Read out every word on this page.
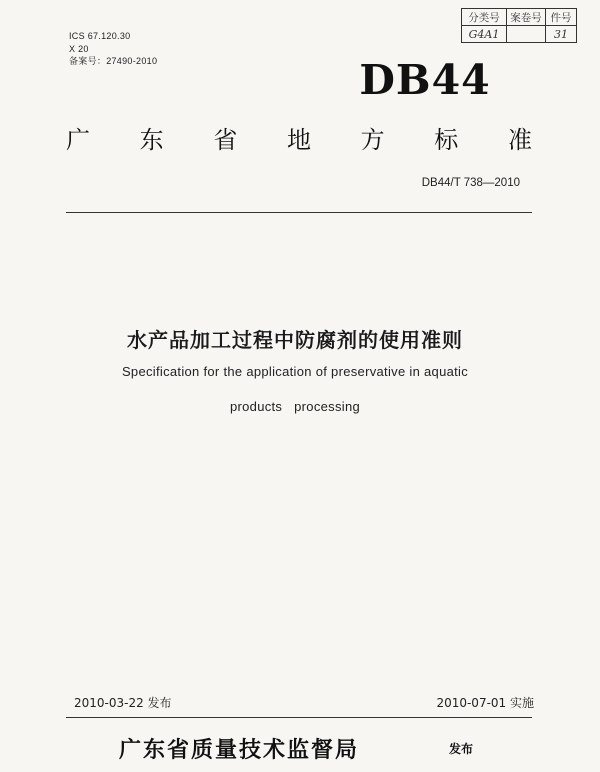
ICS 67.120.30
X 20
备案号：27490-2010
分类号	案卷号	件号
G4A1		31
DB44
广 东 省 地 方 标 准
DB44/T 738—2010
水产品加工过程中防腐剂的使用准则
Specification for the application of preservative in aquatic
products processing
2010-03-22 发布	2010-07-01 实施
广东省质量技术监督局	发布
